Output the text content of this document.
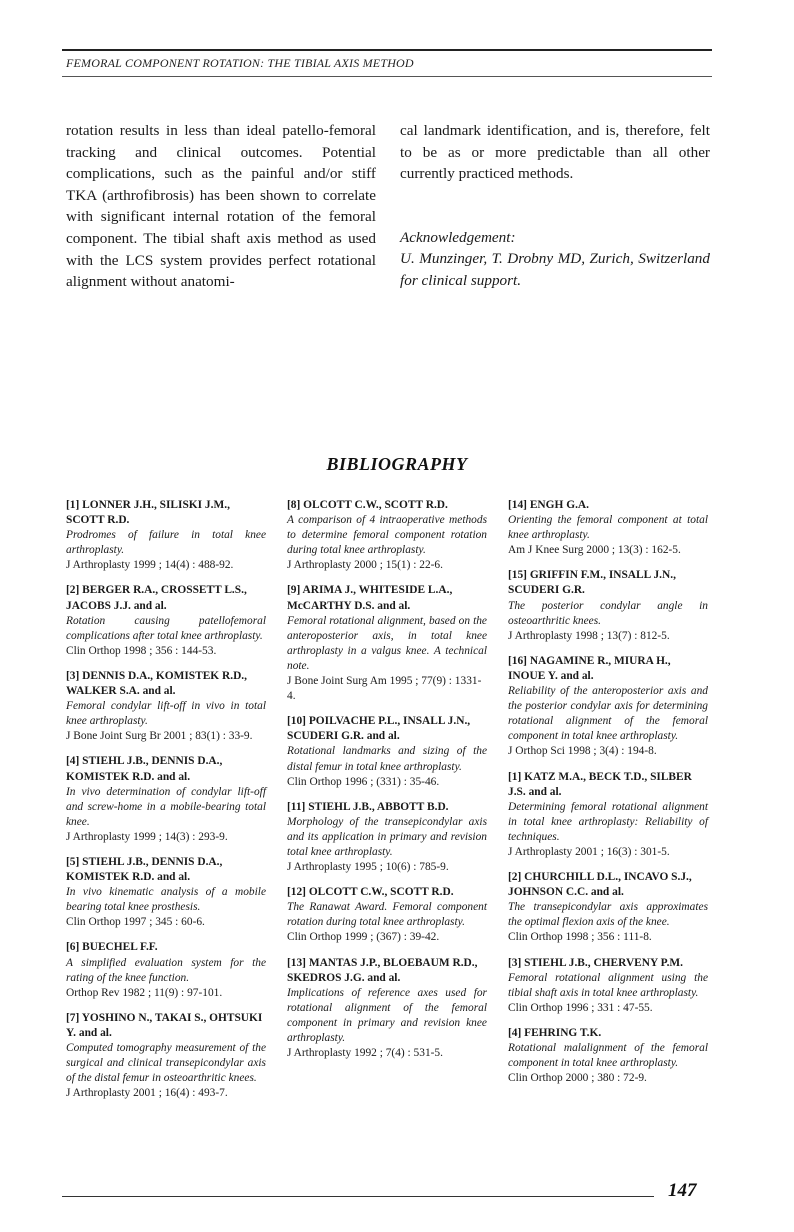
FEMORAL COMPONENT ROTATION: THE TIBIAL AXIS METHOD

rotation results in less than ideal patello-femoral tracking and clinical outcomes. Potential complications, such as the painful and/or stiff TKA (arthrofibrosis) has been shown to correlate with significant internal rotation of the femoral component. The tibial shaft axis method as used with the LCS system provides perfect rotational alignment without anatomi-

cal landmark identification, and is, therefore, felt to be as or more predictable than all other currently practiced methods.

Acknowledgement:

U. Munzinger, T. Drobny MD, Zurich, Switzerland for clinical support.

BIBLIOGRAPHY
[1] LONNER J.H., SILISKI J.M., SCOTT R.D.
Prodromes of failure in total knee arthroplasty.
J Arthroplasty 1999 ; 14(4) : 488-92.
[2] BERGER R.A., CROSSETT L.S., JACOBS J.J. and al.
Rotation causing patellofemoral complications after total knee arthroplasty.
Clin Orthop 1998 ; 356 : 144-53.
[3] DENNIS D.A., KOMISTEK R.D., WALKER S.A. and al.
Femoral condylar lift-off in vivo in total knee arthroplasty.
J Bone Joint Surg Br 2001 ; 83(1) : 33-9.
[4] STIEHL J.B., DENNIS D.A., KOMISTEK R.D. and al.
In vivo determination of condylar lift-off and screw-home in a mobile-bearing total knee.
J Arthroplasty 1999 ; 14(3) : 293-9.
[5] STIEHL J.B., DENNIS D.A., KOMISTEK R.D. and al.
In vivo kinematic analysis of a mobile bearing total knee prosthesis.
Clin Orthop 1997 ; 345 : 60-6.
[6] BUECHEL F.F.
A simplified evaluation system for the rating of the knee function.
Orthop Rev 1982 ; 11(9) : 97-101.
[7] YOSHINO N., TAKAI S., OHTSUKI Y. and al.
Computed tomography measurement of the surgical and clinical transepicondylar axis of the distal femur in osteoarthritic knees.
J Arthroplasty 2001 ; 16(4) : 493-7.
[8] OLCOTT C.W., SCOTT R.D.
A comparison of 4 intraoperative methods to determine femoral component rotation during total knee arthroplasty.
J Arthroplasty 2000 ; 15(1) : 22-6.
[9] ARIMA J., WHITESIDE L.A., McCARTHY D.S. and al.
Femoral rotational alignment, based on the anteroposterior axis, in total knee arthroplasty in a valgus knee. A technical note.
J Bone Joint Surg Am 1995 ; 77(9) : 1331-4.
[10] POILVACHE P.L., INSALL J.N., SCUDERI G.R. and al.
Rotational landmarks and sizing of the distal femur in total knee arthroplasty.
Clin Orthop 1996 ; (331) : 35-46.
[11] STIEHL J.B., ABBOTT B.D.
Morphology of the transepicondylar axis and its application in primary and revision total knee arthroplasty.
J Arthroplasty 1995 ; 10(6) : 785-9.
[12] OLCOTT C.W., SCOTT R.D.
The Ranawat Award. Femoral component rotation during total knee arthroplasty.
Clin Orthop 1999 ; (367) : 39-42.
[13] MANTAS J.P., BLOEBAUM R.D., SKEDROS J.G. and al.
Implications of reference axes used for rotational alignment of the femoral component in primary and revision knee arthroplasty.
J Arthroplasty 1992 ; 7(4) : 531-5.
[14] ENGH G.A.
Orienting the femoral component at total knee arthroplasty.
Am J Knee Surg 2000 ; 13(3) : 162-5.
[15] GRIFFIN F.M., INSALL J.N., SCUDERI G.R.
The posterior condylar angle in osteoarthritic knees.
J Arthroplasty 1998 ; 13(7) : 812-5.
[16] NAGAMINE R., MIURA H., INOUE Y. and al.
Reliability of the anteroposterior axis and the posterior condylar axis for determining rotational alignment of the femoral component in total knee arthroplasty.
J Orthop Sci 1998 ; 3(4) : 194-8.
[1] KATZ M.A., BECK T.D., SILBER J.S. and al.
Determining femoral rotational alignment in total knee arthroplasty: Reliability of techniques.
J Arthroplasty 2001 ; 16(3) : 301-5.
[2] CHURCHILL D.L., INCAVO S.J., JOHNSON C.C. and al.
The transepicondylar axis approximates the optimal flexion axis of the knee.
Clin Orthop 1998 ; 356 : 111-8.
[3] STIEHL J.B., CHERVENY P.M.
Femoral rotational alignment using the tibial shaft axis in total knee arthroplasty.
Clin Orthop 1996 ; 331 : 47-55.
[4] FEHRING T.K.
Rotational malalignment of the femoral component in total knee arthroplasty.
Clin Orthop 2000 ; 380 : 72-9.
147
